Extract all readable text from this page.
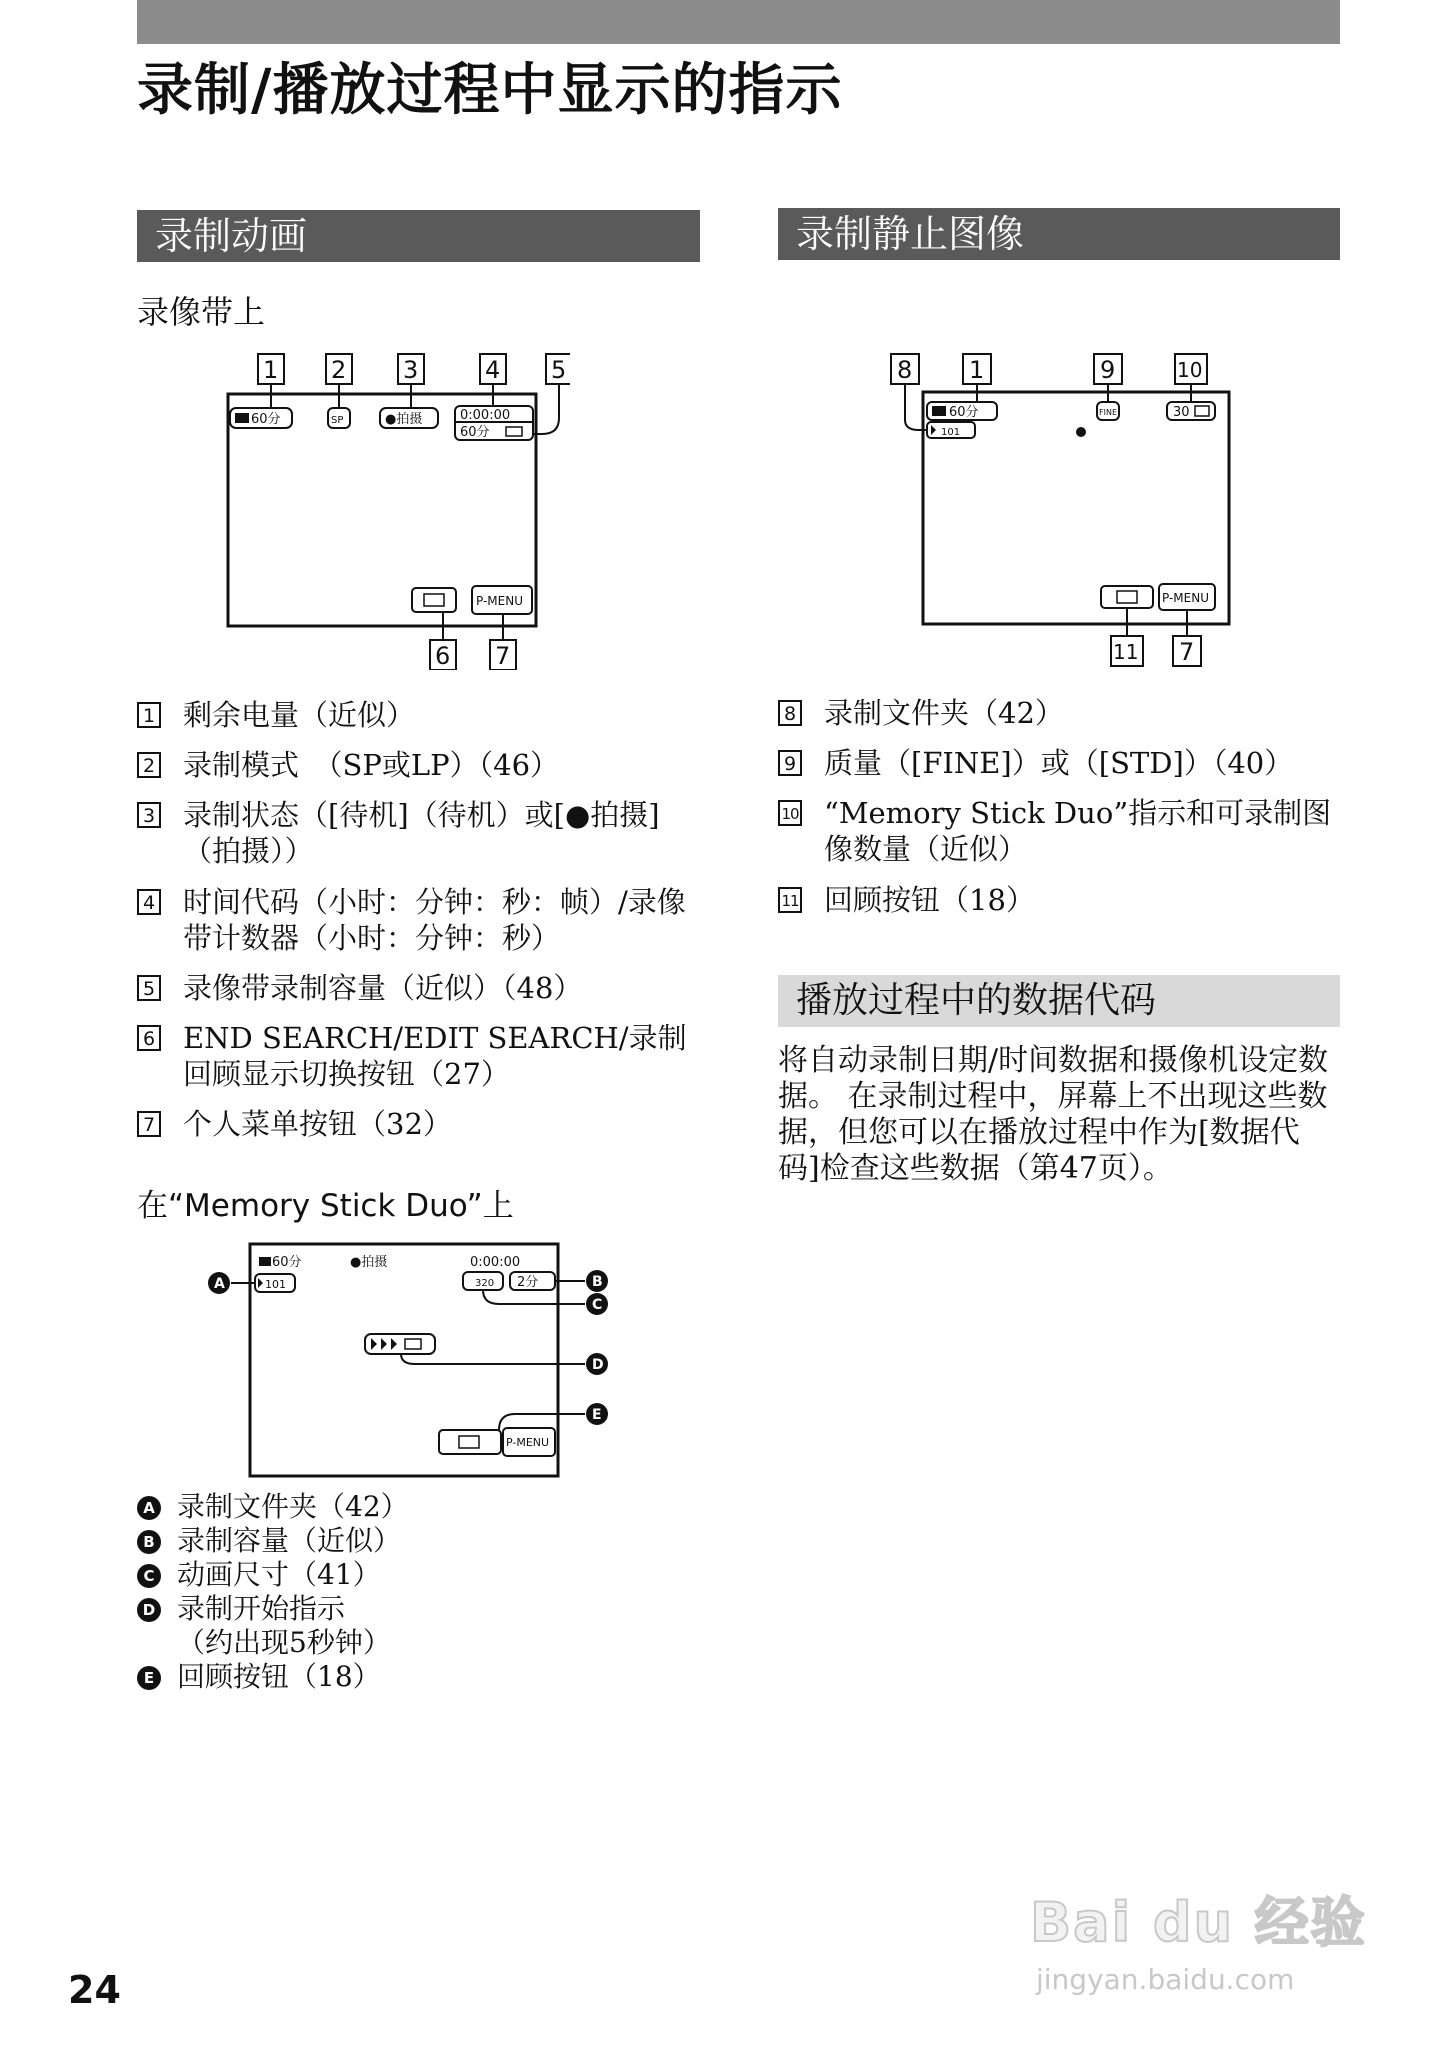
录制/播放过程中显示的指示
录制动画
录像带上
60分	SP	●拍摄	0:00:00
60分
P-MENU
1 2 3	4 5
6 7
1 剩余电量（近似）
2 录制模式　（SP或LP）（46）
3 录制状态（[待机]（待机）或[●拍摄]（拍摄））
4 时间代码（小时：分钟：秒：帧）/录像带计数器（小时：分钟：秒）
5 录像带录制容量（近似）（48）
6 END SEARCH/EDIT SEARCH/录制回顾显示切换按钮（27）
7 个人菜单按钮（32）
在“Memory Stick Duo”上
60分
101
●拍摄	0:00:00
320 2分
P-MENU
A	B
C
D
E
A 录制文件夹（42）
B 录制容量（近似）
C 动画尺寸（41）
D 录制开始指示
（约出现5秒钟）
E 回顾按钮（18）
录制静止图像
60分
101
FINE	30
P-MENU
8 1	9	10
11 7
8 录制文件夹（42）
9 质量（[FINE]）或（[STD]）（40）
10 “Memory Stick Duo”指示和可录制图像数量（近似）
11 回顾按钮（18）
播放过程中的数据代码
将自动录制日期/时间数据和摄像机设定数据。 在录制过程中，屏幕上不出现这些数据，但您可以在播放过程中作为[数据代码]检查这些数据（第47页）。
24
Bai du 经验
jingyan.baidu.com
